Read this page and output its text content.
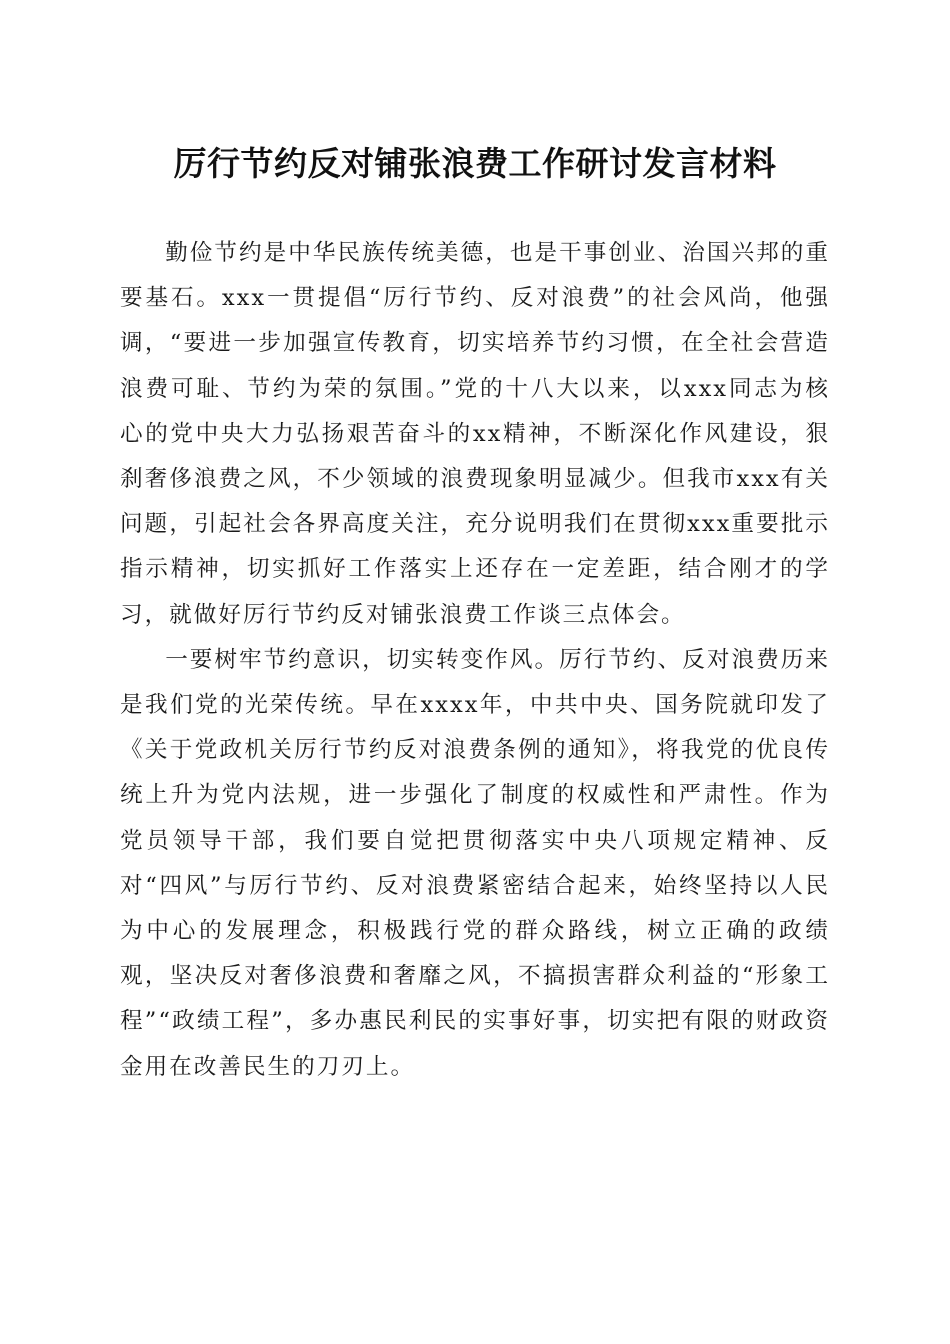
厉行节约反对铺张浪费工作研讨发言材料

勤俭节约是中华民族传统美德，也是干事创业、治国兴邦的重要基石。xxx一贯提倡“厉行节约、反对浪费”的社会风尚，他强调，“要进一步加强宣传教育，切实培养节约习惯，在全社会营造浪费可耻、节约为荣的氛围。”党的十八大以来，以xxx同志为核心的党中央大力弘扬艰苦奋斗的xx精神，不断深化作风建设，狠刹奢侈浪费之风，不少领域的浪费现象明显减少。但我市xxx有关问题，引起社会各界高度关注，充分说明我们在贯彻xxx重要批示指示精神，切实抓好工作落实上还存在一定差距，结合刚才的学习，就做好厉行节约反对铺张浪费工作谈三点体会。

一要树牢节约意识，切实转变作风。厉行节约、反对浪费历来是我们党的光荣传统。早在xxxx年，中共中央、国务院就印发了《关于党政机关厉行节约反对浪费条例的通知》，将我党的优良传统上升为党内法规，进一步强化了制度的权威性和严肃性。作为党员领导干部，我们要自觉把贯彻落实中央八项规定精神、反对“四风”与厉行节约、反对浪费紧密结合起来，始终坚持以人民为中心的发展理念，积极践行党的群众路线，树立正确的政绩观，坚决反对奢侈浪费和奢靡之风，不搞损害群众利益的“形象工程”“政绩工程”，多办惠民利民的实事好事，切实把有限的财政资金用在改善民生的刀刃上。
